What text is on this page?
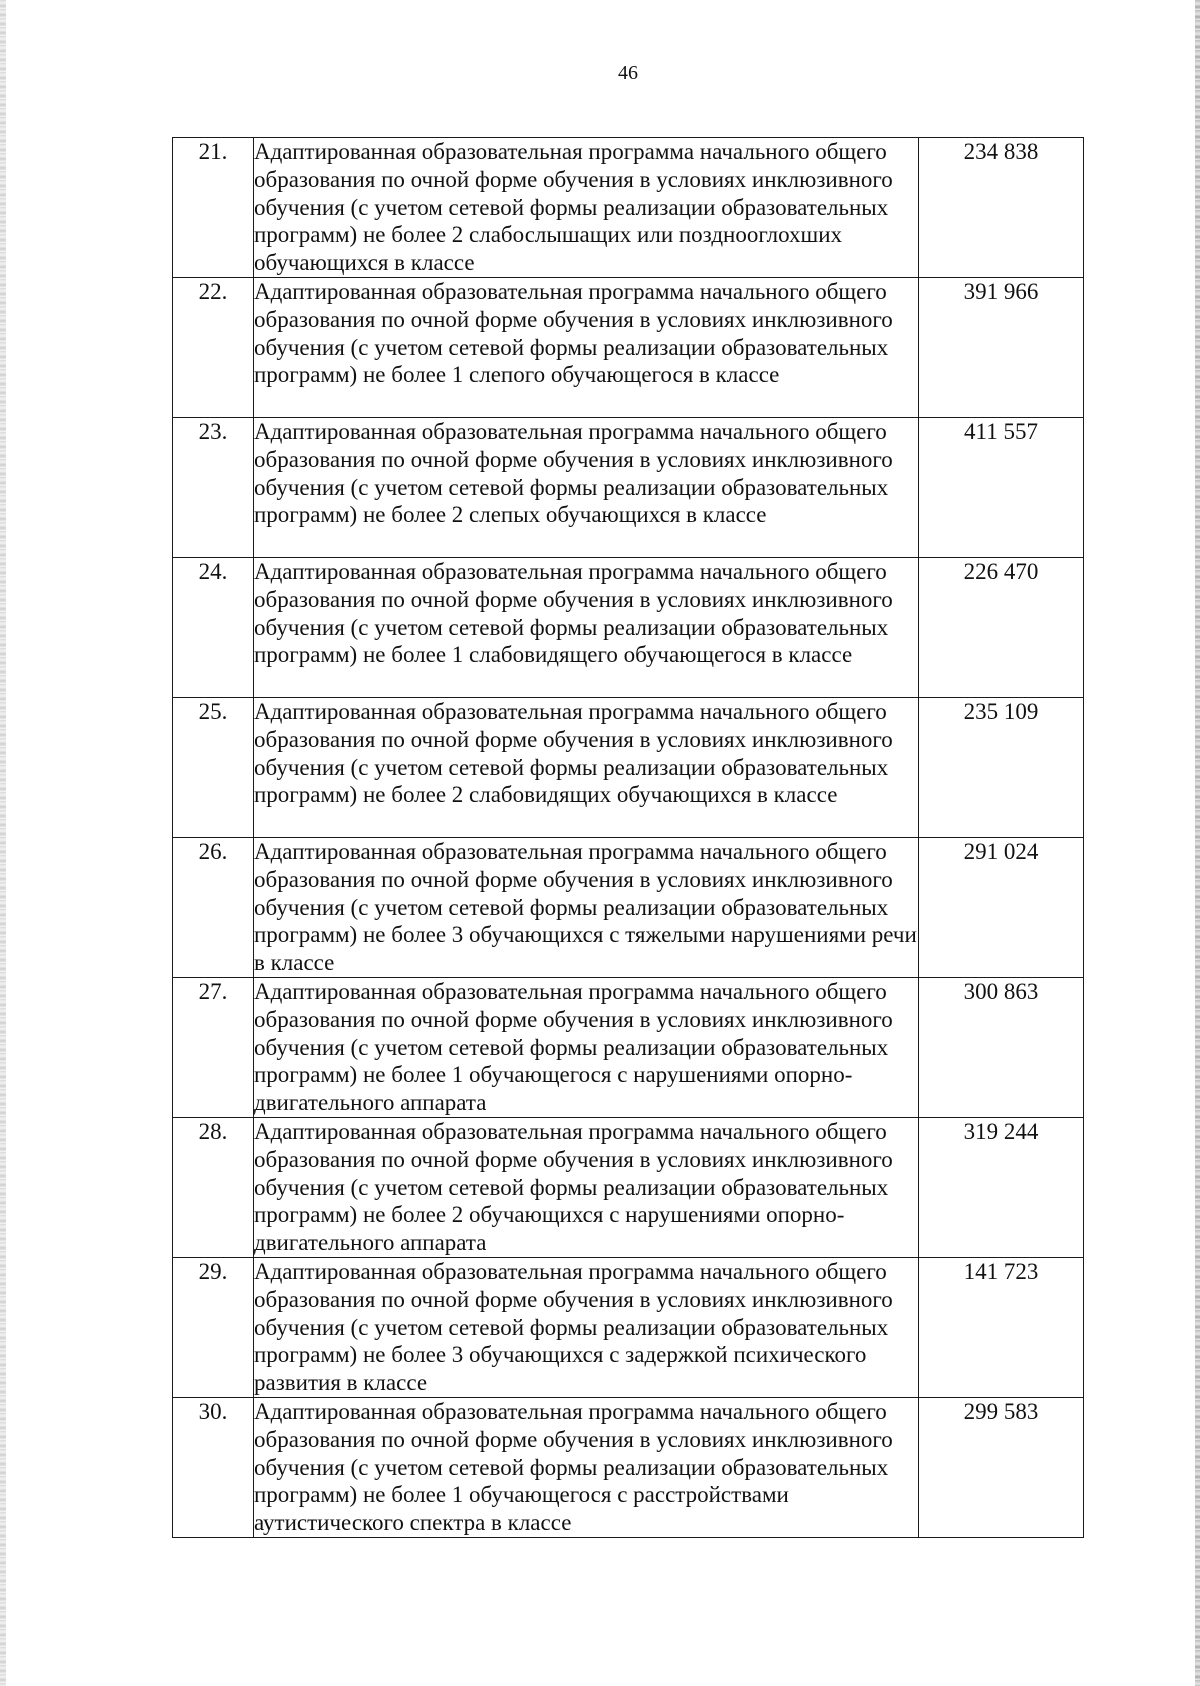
46
21.	Адаптированная образовательная программа начального общего образования по очной форме обучения в условиях инклюзивного обучения (с учетом сетевой формы реализации образовательных программ) не более 2 слабослышащих или позднооглохших обучающихся в классе	234 838
22.	Адаптированная образовательная программа начального общего образования по очной форме обучения в условиях инклюзивного обучения (с учетом сетевой формы реализации образовательных программ) не более 1 слепого обучающегося в классе	391 966
23.	Адаптированная образовательная программа начального общего образования по очной форме обучения в условиях инклюзивного обучения (с учетом сетевой формы реализации образовательных программ) не более 2 слепых обучающихся в классе	411 557
24.	Адаптированная образовательная программа начального общего образования по очной форме обучения в условиях инклюзивного обучения (с учетом сетевой формы реализации образовательных программ) не более 1 слабовидящего обучающегося в классе	226 470
25.	Адаптированная образовательная программа начального общего образования по очной форме обучения в условиях инклюзивного обучения (с учетом сетевой формы реализации образовательных программ) не более 2 слабовидящих обучающихся в классе	235 109
26.	Адаптированная образовательная программа начального общего образования по очной форме обучения в условиях инклюзивного обучения (с учетом сетевой формы реализации образовательных программ) не более 3 обучающихся с тяжелыми нарушениями речи в классе	291 024
27.	Адаптированная образовательная программа начального общего образования по очной форме обучения в условиях инклюзивного обучения (с учетом сетевой формы реализации образовательных программ) не более 1 обучающегося с нарушениями опорно-двигательного аппарата	300 863
28.	Адаптированная образовательная программа начального общего образования по очной форме обучения в условиях инклюзивного обучения (с учетом сетевой формы реализации образовательных программ) не более 2 обучающихся с нарушениями опорно-двигательного аппарата	319 244
29.	Адаптированная образовательная программа начального общего образования по очной форме обучения в условиях инклюзивного обучения (с учетом сетевой формы реализации образовательных программ) не более 3 обучающихся с задержкой психического развития в классе	141 723
30.	Адаптированная образовательная программа начального общего образования по очной форме обучения в условиях инклюзивного обучения (с учетом сетевой формы реализации образовательных программ) не более 1 обучающегося с расстройствами аутистического спектра в классе	299 583
